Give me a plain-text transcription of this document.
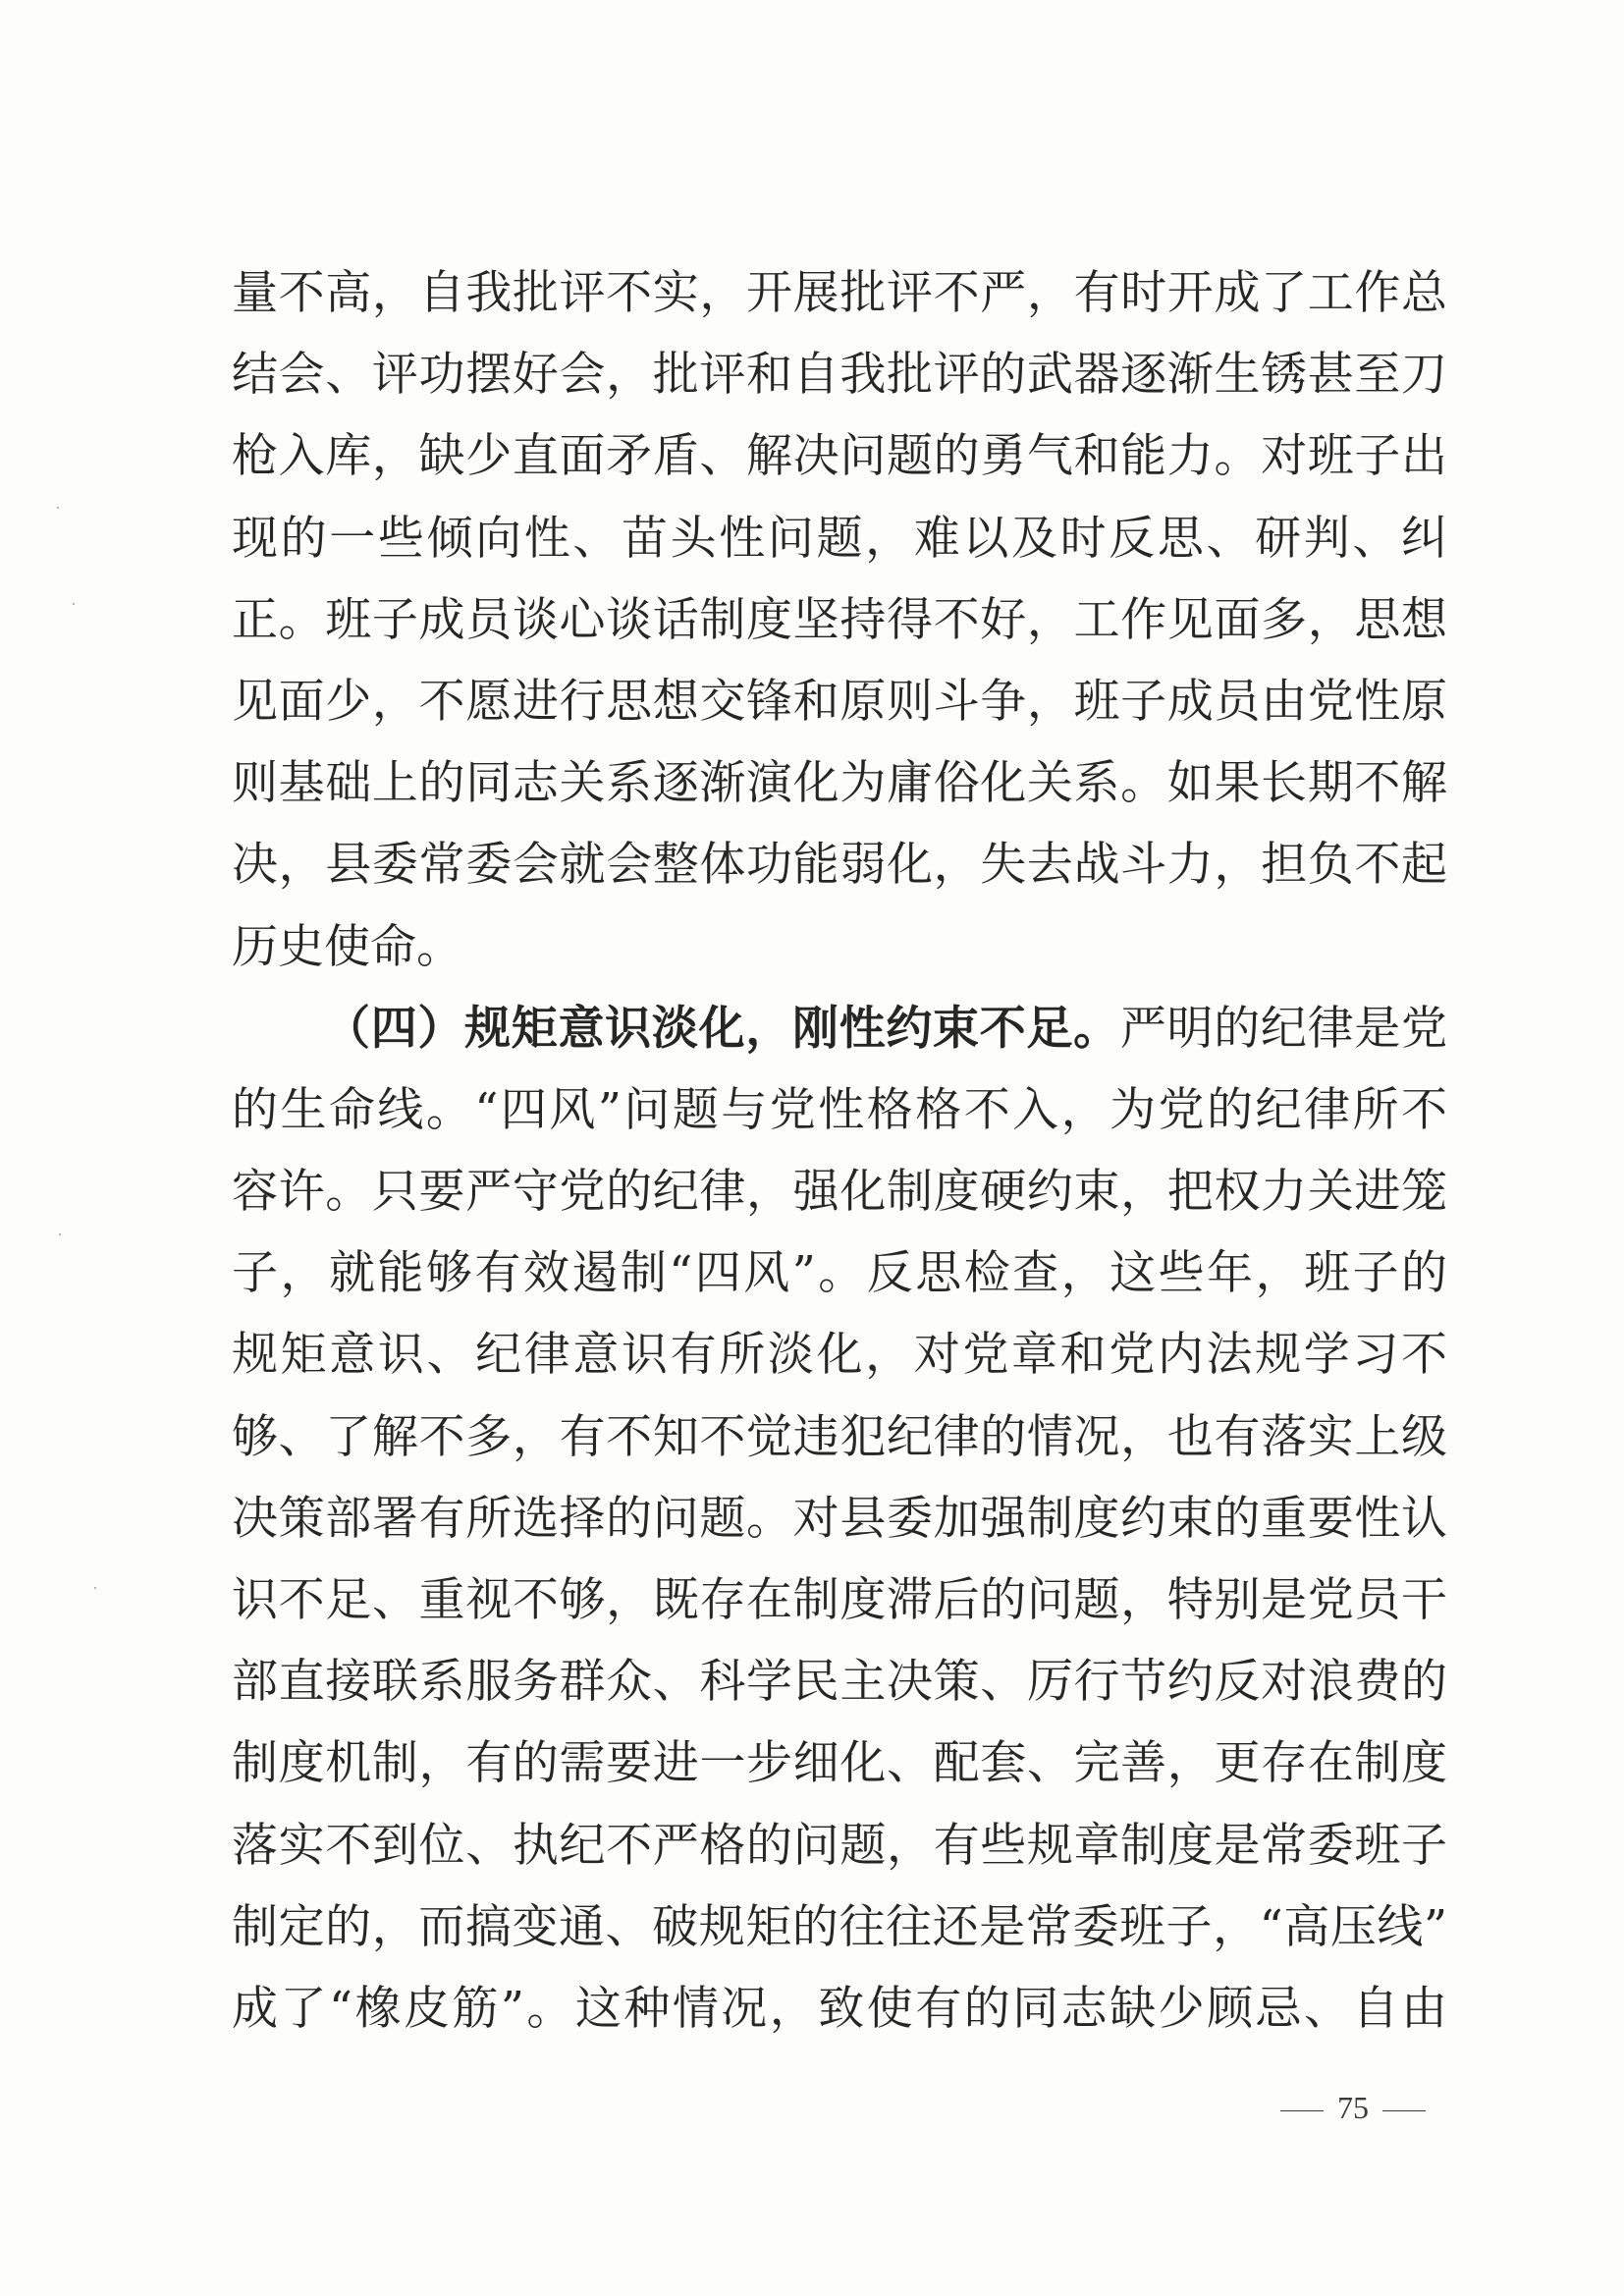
量不高，自我批评不实，开展批评不严，有时开成了工作总
结会、评功摆好会，批评和自我批评的武器逐渐生锈甚至刀
枪入库，缺少直面矛盾、解决问题的勇气和能力。对班子出
现的一些倾向性、苗头性问题，难以及时反思、研判、纠
正。班子成员谈心谈话制度坚持得不好，工作见面多，思想
见面少，不愿进行思想交锋和原则斗争，班子成员由党性原
则基础上的同志关系逐渐演化为庸俗化关系。如果长期不解
决，县委常委会就会整体功能弱化，失去战斗力，担负不起
历史使命。
（四）规矩意识淡化，刚性约束不足。严明的纪律是党
的生命线。“四风”问题与党性格格不入，为党的纪律所不
容许。只要严守党的纪律，强化制度硬约束，把权力关进笼
子，就能够有效遏制“四风”。反思检查，这些年，班子的
规矩意识、纪律意识有所淡化，对党章和党内法规学习不
够、了解不多，有不知不觉违犯纪律的情况，也有落实上级
决策部署有所选择的问题。对县委加强制度约束的重要性认
识不足、重视不够，既存在制度滞后的问题，特别是党员干
部直接联系服务群众、科学民主决策、厉行节约反对浪费的
制度机制，有的需要进一步细化、配套、完善，更存在制度
落实不到位、执纪不严格的问题，有些规章制度是常委班子
制定的，而搞变通、破规矩的往往还是常委班子，“高压线”
成了“橡皮筋”。这种情况，致使有的同志缺少顾忌、自由
75
